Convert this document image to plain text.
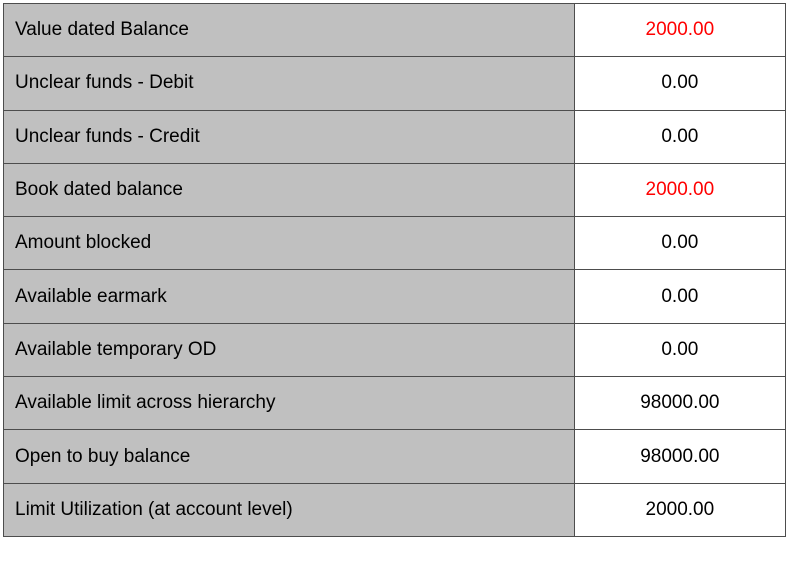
Value dated Balance	2000.00
Unclear funds - Debit	0.00
Unclear funds - Credit	0.00
Book dated balance	2000.00
Amount blocked	0.00
Available earmark	0.00
Available temporary OD	0.00
Available limit across hierarchy	98000.00
Open to buy balance	98000.00
Limit Utilization (at account level)	2000.00
